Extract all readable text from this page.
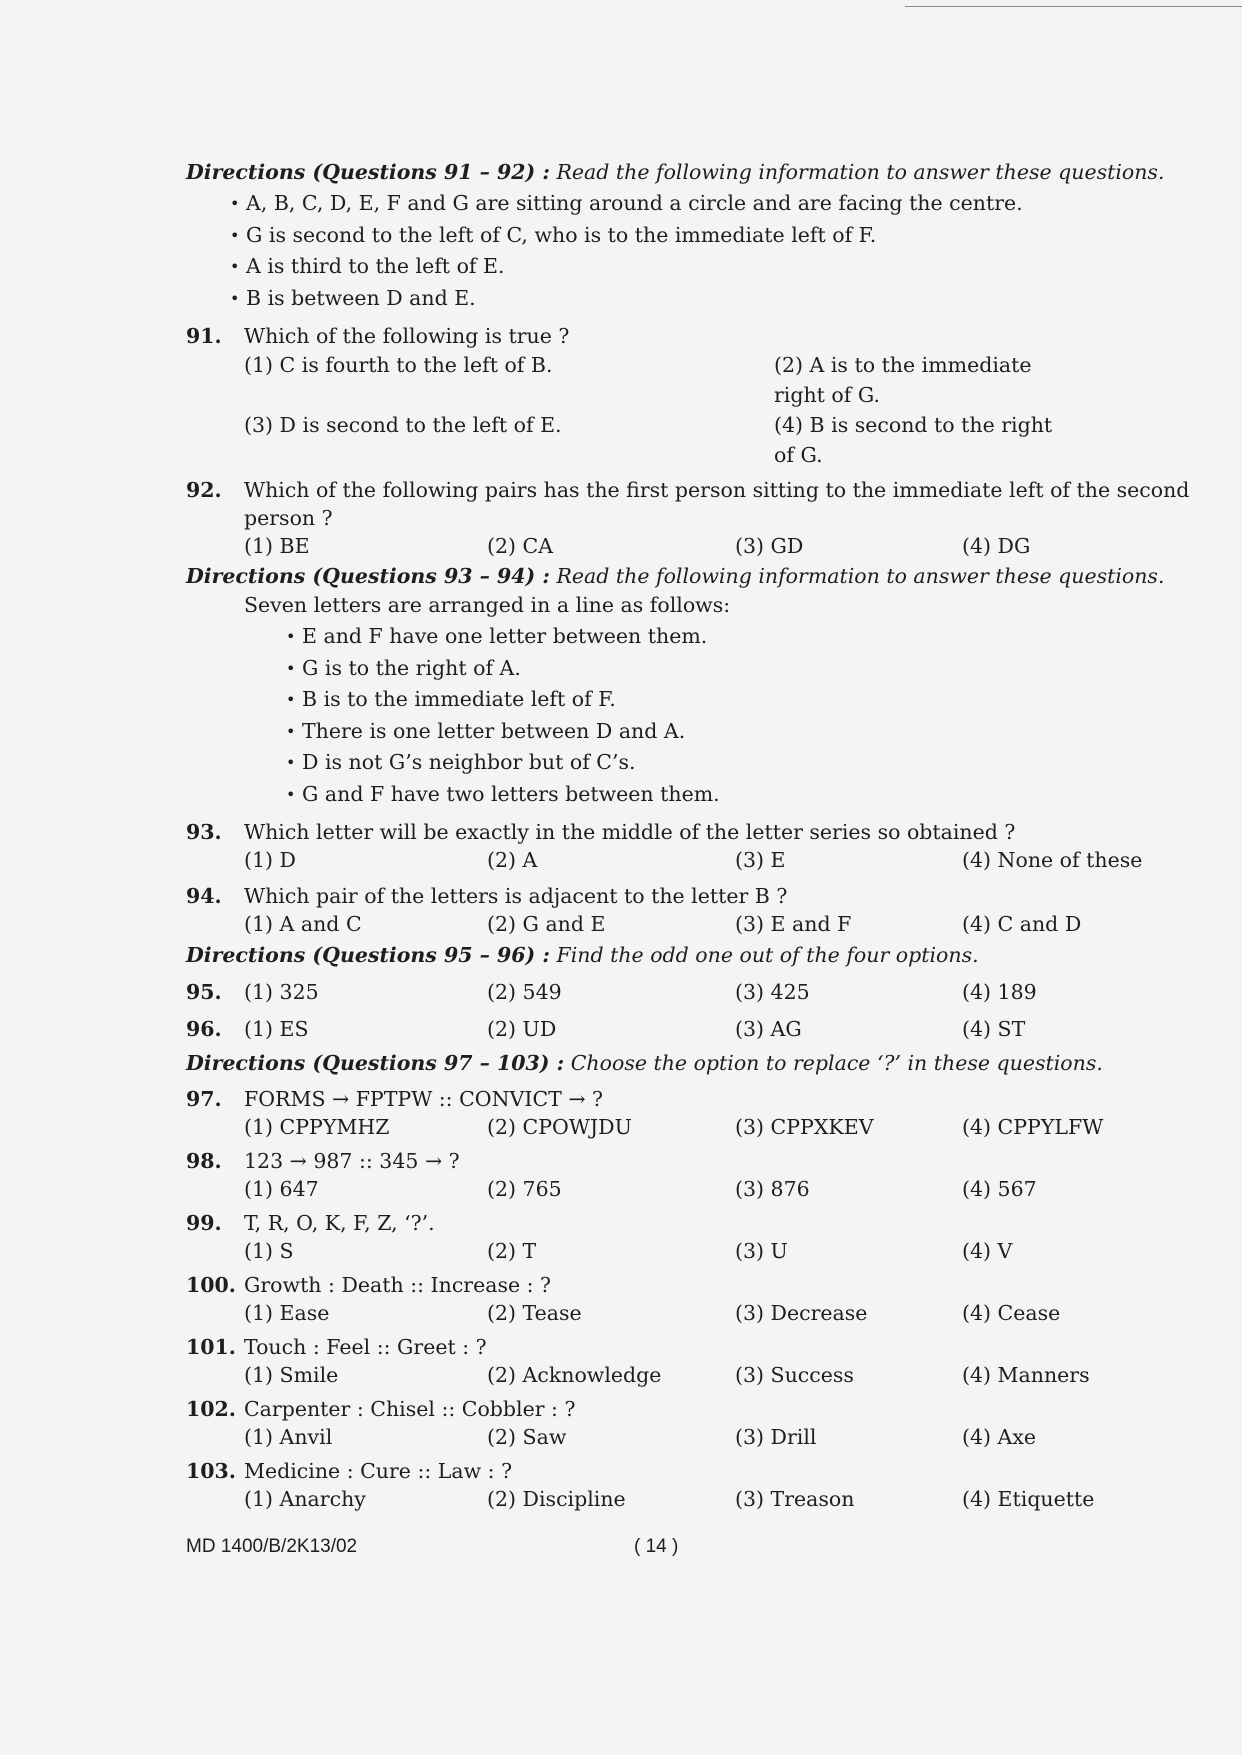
Directions (Questions 91 – 92) : Read the following information to answer these questions.
• A, B, C, D, E, F and G are sitting around a circle and are facing the centre.
• G is second to the left of C, who is to the immediate left of F.
• A is third to the left of E.
• B is between D and E.
91.	Which of the following is true ?
(1) C is fourth to the left of B.	(2) A is to the immediate right of G.
(3) D is second to the left of E.	(4) B is second to the right of G.
92.	Which of the following pairs has the first person sitting to the immediate left of the second person ?
(1) BE	(2) CA	(3) GD	(4) DG
Directions (Questions 93 – 94) : Read the following information to answer these questions.
Seven letters are arranged in a line as follows:
• E and F have one letter between them.
• G is to the right of A.
• B is to the immediate left of F.
• There is one letter between D and A.
• D is not G’s neighbor but of C’s.
• G and F have two letters between them.
93.	Which letter will be exactly in the middle of the letter series so obtained ?
(1) D	(2) A	(3) E	(4) None of these
94.	Which pair of the letters is adjacent to the letter B ?
(1) A and C	(2) G and E	(3) E and F	(4) C and D
Directions (Questions 95 – 96) : Find the odd one out of the four options.
95.	(1) 325	(2) 549	(3) 425	(4) 189
96.	(1) ES	(2) UD	(3) AG	(4) ST
Directions (Questions 97 – 103) : Choose the option to replace ‘?’ in these questions.
97.	FORMS → FPTPW :: CONVICT → ?
(1) CPPYMHZ	(2) CPOWJDU	(3) CPPXKEV	(4) CPPYLFW
98.	123 → 987 :: 345 → ?
(1) 647	(2) 765	(3) 876	(4) 567
99.	T, R, O, K, F, Z, ‘?’.
(1) S	(2) T	(3) U	(4) V
100. Growth : Death :: Increase : ?
(1) Ease	(2) Tease	(3) Decrease	(4) Cease
101. Touch : Feel :: Greet : ?
(1) Smile	(2) Acknowledge	(3) Success	(4) Manners
102. Carpenter : Chisel :: Cobbler : ?
(1) Anvil	(2) Saw	(3) Drill	(4) Axe
103. Medicine : Cure :: Law : ?
(1) Anarchy	(2) Discipline	(3) Treason	(4) Etiquette
MD 1400/B/2K13/02	( 14 )
